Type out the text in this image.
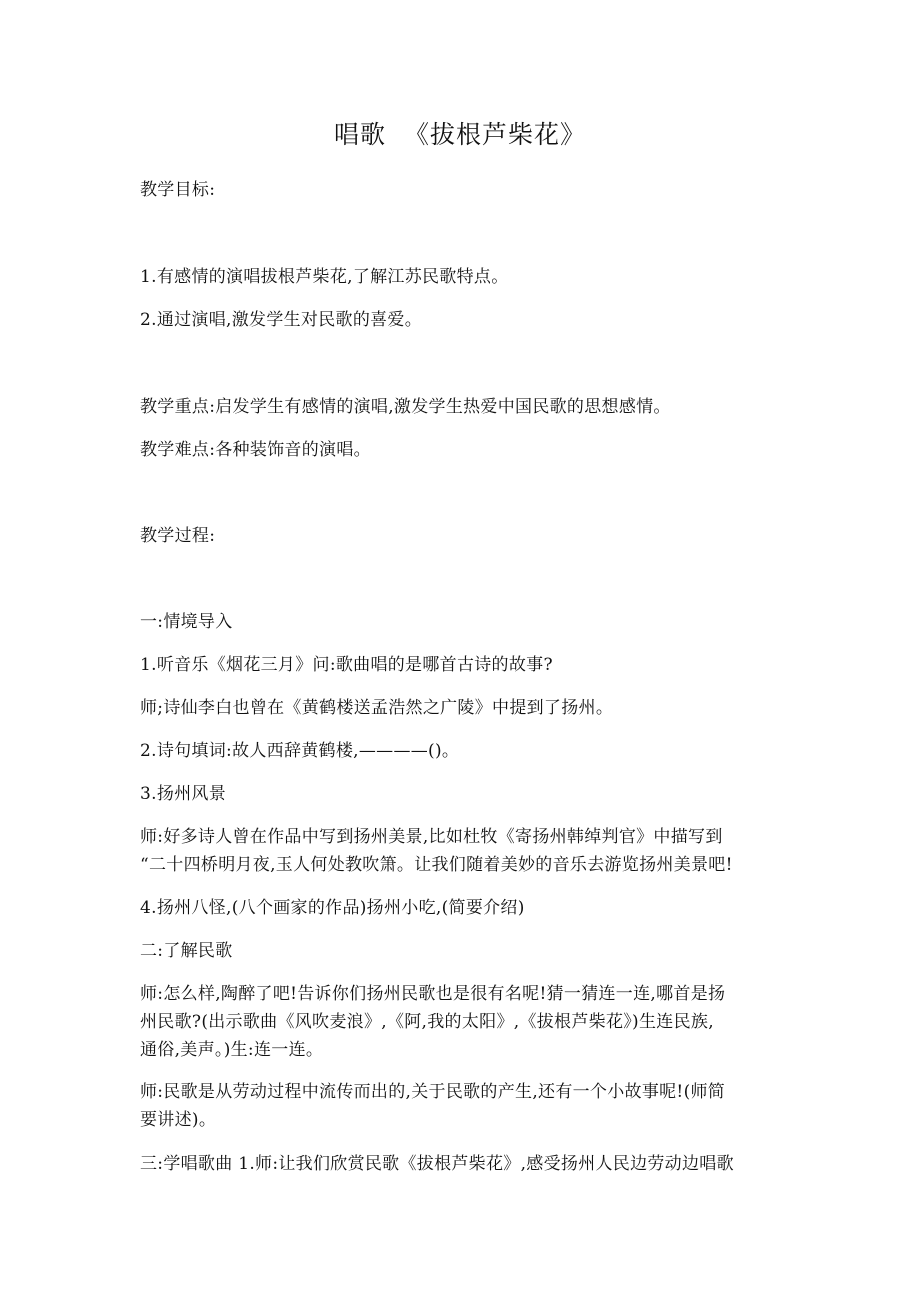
唱歌  《拔根芦柴花》
教学目标:
1.有感情的演唱拔根芦柴花,了解江苏民歌特点。
2.通过演唱,激发学生对民歌的喜爱。
教学重点:启发学生有感情的演唱,激发学生热爱中国民歌的思想感情。
教学难点:各种装饰音的演唱。
教学过程:
一:情境导入
1.听音乐《烟花三月》问:歌曲唱的是哪首古诗的故事?
师;诗仙李白也曾在《黄鹤楼送孟浩然之广陵》中提到了扬州。
2.诗句填词:故人西辞黄鹤楼,————()。
3.扬州风景
师:好多诗人曾在作品中写到扬州美景,比如杜牧《寄扬州韩绰判官》中描写到
“二十四桥明月夜,玉人何处教吹箫。让我们随着美妙的音乐去游览扬州美景吧!
4.扬州八怪,(八个画家的作品)扬州小吃,(简要介绍)
二:了解民歌
师:怎么样,陶醉了吧!告诉你们扬州民歌也是很有名呢!猜一猜连一连,哪首是扬
州民歌?(出示歌曲《风吹麦浪》,《阿,我的太阳》,《拔根芦柴花》)生连民族,
通俗,美声。)生:连一连。
师:民歌是从劳动过程中流传而出的,关于民歌的产生,还有一个小故事呢!(师简
要讲述)。
三:学唱歌曲 1.师:让我们欣赏民歌《拔根芦柴花》,感受扬州人民边劳动边唱歌
